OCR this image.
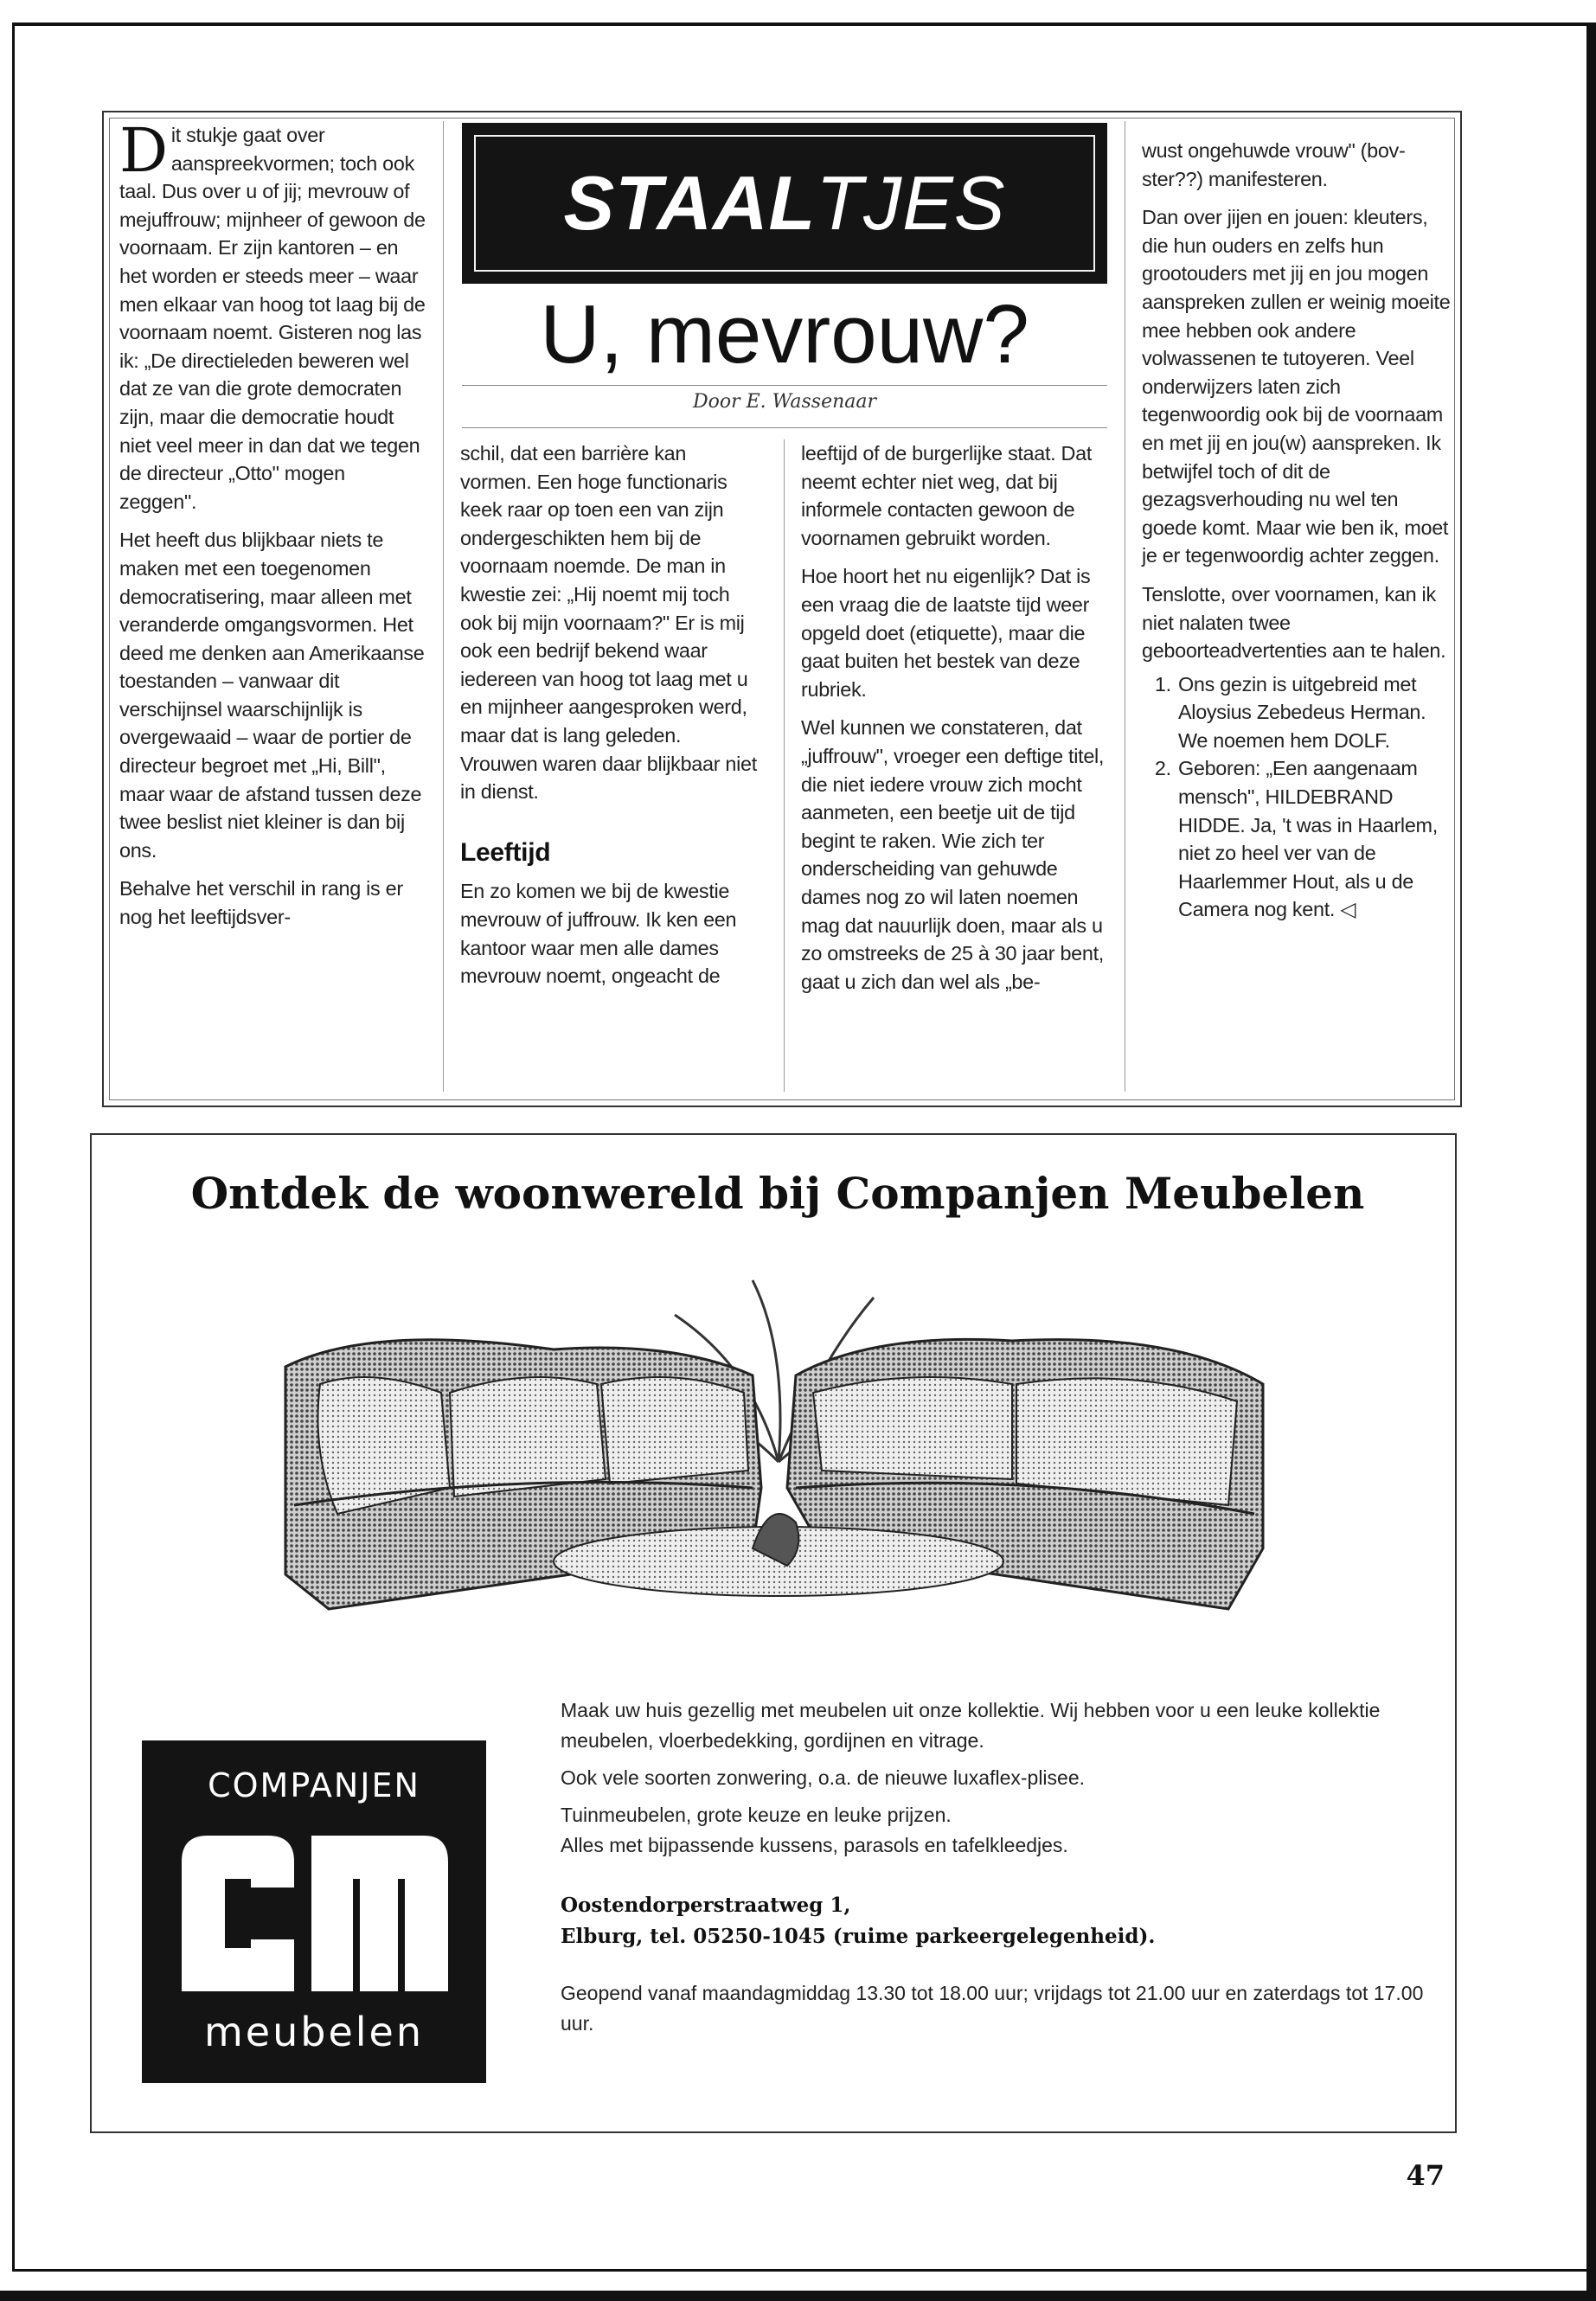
STAALTJES
U, mevrouw?
Door E. Wassenaar

Dit stukje gaat over aanspreekvormen; toch ook taal. Dus over u of jij; mevrouw of mejuffrouw; mijnheer of gewoon de voornaam. Er zijn kantoren – en het worden er steeds meer – waar men elkaar van hoog tot laag bij de voornaam noemt. Gisteren nog las ik: „De directieleden beweren wel dat ze van die grote democraten zijn, maar die democratie houdt niet veel meer in dan dat we tegen de directeur „Otto" mogen zeggen".

Het heeft dus blijkbaar niets te maken met een toegenomen democratisering, maar alleen met veranderde omgangsvormen. Het deed me denken aan Amerikaanse toestanden – vanwaar dit verschijnsel waarschijnlijk is overgewaaid – waar de portier de directeur begroet met „Hi, Bill", maar waar de afstand tussen deze twee beslist niet kleiner is dan bij ons.

Behalve het verschil in rang is er nog het leeftijdsver-

schil, dat een barrière kan vormen. Een hoge functionaris keek raar op toen een van zijn ondergeschikten hem bij de voornaam noemde. De man in kwestie zei: „Hij noemt mij toch ook bij mijn voornaam?" Er is mij ook een bedrijf bekend waar iedereen van hoog tot laag met u en mijnheer aangesproken werd, maar dat is lang geleden. Vrouwen waren daar blijkbaar niet in dienst.

Leeftijd

En zo komen we bij de kwestie mevrouw of juffrouw. Ik ken een kantoor waar men alle dames mevrouw noemt, ongeacht de

leeftijd of de burgerlijke staat. Dat neemt echter niet weg, dat bij informele contacten gewoon de voornamen gebruikt worden.

Hoe hoort het nu eigenlijk? Dat is een vraag die de laatste tijd weer opgeld doet (etiquette), maar die gaat buiten het bestek van deze rubriek.

Wel kunnen we constateren, dat „juffrouw", vroeger een deftige titel, die niet iedere vrouw zich mocht aanmeten, een beetje uit de tijd begint te raken. Wie zich ter onderscheiding van gehuwde dames nog zo wil laten noemen mag dat nauurlijk doen, maar als u zo omstreeks de 25 à 30 jaar bent, gaat u zich dan wel als „be-

wust ongehuwde vrouw" (bov-ster??) manifesteren.

Dan over jijen en jouen: kleuters, die hun ouders en zelfs hun grootouders met jij en jou mogen aanspreken zullen er weinig moeite mee hebben ook andere volwassenen te tutoyeren. Veel onderwijzers laten zich tegenwoordig ook bij de voornaam en met jij en jou(w) aanspreken. Ik betwijfel toch of dit de gezagsverhouding nu wel ten goede komt. Maar wie ben ik, moet je er tegenwoordig achter zeggen.

Tenslotte, over voornamen, kan ik niet nalaten twee geboorteadvertenties aan te halen.

1. Ons gezin is uitgebreid met Aloysius Zebedeus Herman. We noemen hem DOLF.
2. Geboren: „Een aangenaam mensch", HILDEBRAND HIDDE. Ja, 't was in Haarlem, niet zo heel ver van de Haarlemmer Hout, als u de Camera nog kent. ◁
Ontdek de woonwereld bij Companjen Meubelen
COMPANJEN
meubelen

Maak uw huis gezellig met meubelen uit onze kollektie. Wij hebben voor u een leuke kollektie meubelen, vloerbedekking, gordijnen en vitrage.

Ook vele soorten zonwering, o.a. de nieuwe luxaflex-plisee.

Tuinmeubelen, grote keuze en leuke prijzen.

Alles met bijpassende kussens, parasols en tafelkleedjes.

Oostendorperstraatweg 1,
Elburg, tel. 05250-1045 (ruime parkeergelegenheid).

Geopend vanaf maandagmiddag 13.30 tot 18.00 uur; vrijdags tot 21.00 uur en zaterdags tot 17.00 uur.

47
